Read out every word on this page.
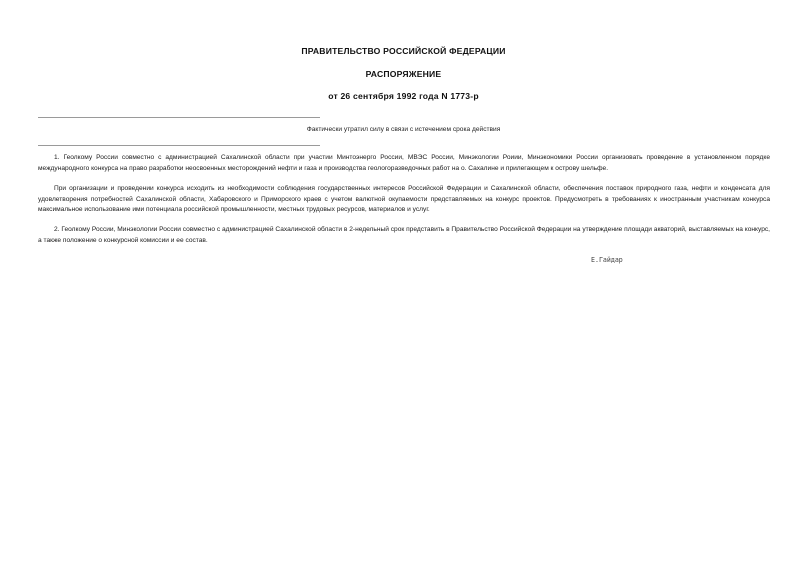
ПРАВИТЕЛЬСТВО РОССИЙСКОЙ ФЕДЕРАЦИИ
РАСПОРЯЖЕНИЕ
от 26 сентября 1992 года N 1773-р
Фактически утратил силу в связи с истечением срока действия

1. Геолкому России совместно с администрацией Сахалинской области при участии Минтоэнерго России, МВЭС России, Минэкологии Роиии, Минэкономики России организовать проведение в установленном порядке международного конкурса на право разработки неосвоенных месторождений нефти и газа и производства геологоразведочных работ на о. Сахалине и прилегающем к острову шельфе.

При организации и проведении конкурса исходить из необходимости соблюдения государственных интересов Российской Федерации и Сахалинской области, обеспечения поставок природного газа, нефти и конденсата для удовлетворения потребностей Сахалинской области, Хабаровского и Приморского краев с учетом валютной окупаемости представляемых на конкурс проектов. Предусмотреть в требованиях к иностранным участникам конкурса максимальное использование ими потенциала российской промышленности, местных трудовых ресурсов, материалов и услуг.

2. Геолкому России, Минэкологии России совместно с администрацией Сахалинской области в 2-недельный срок представить в Правительство Российской Федерации на утверждение площади акваторий, выставляемых на конкурс, а также положение о конкурсной комиссии и ее состав.

Е.Гайдар
